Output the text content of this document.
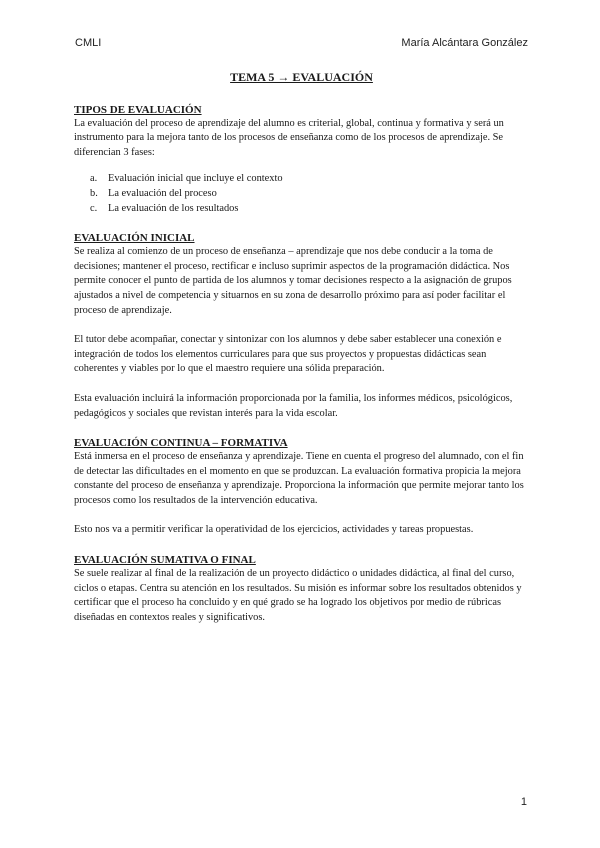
CMLI	María Alcántara González
TEMA 5 → EVALUACIÓN
TIPOS DE EVALUACIÓN

La evaluación del proceso de aprendizaje del alumno es criterial, global, continua y formativa y será un instrumento para la mejora tanto de los procesos de enseñanza como de los procesos de aprendizaje. Se diferencian 3 fases:

a. Evaluación inicial que incluye el contexto
b. La evaluación del proceso
c. La evaluación de los resultados
EVALUACIÓN INICIAL

Se realiza al comienzo de un proceso de enseñanza – aprendizaje que nos debe conducir a la toma de decisiones; mantener el proceso, rectificar e incluso suprimir aspectos de la programación didáctica. Nos permite conocer el punto de partida de los alumnos y tomar decisiones respecto a la asignación de grupos ajustados a nivel de competencia y situarnos en su zona de desarrollo próximo para así poder facilitar el proceso de aprendizaje.

El tutor debe acompañar, conectar y sintonizar con los alumnos y debe saber establecer una conexión e integración de todos los elementos curriculares para que sus proyectos y propuestas didácticas sean coherentes y viables por lo que el maestro requiere una sólida preparación.

Esta evaluación incluirá la información proporcionada por la familia, los informes médicos, psicológicos, pedagógicos y sociales que revistan interés para la vida escolar.

EVALUACIÓN CONTINUA – FORMATIVA

Está inmersa en el proceso de enseñanza y aprendizaje. Tiene en cuenta el progreso del alumnado, con el fin de detectar las dificultades en el momento en que se produzcan. La evaluación formativa propicia la mejora constante del proceso de enseñanza y aprendizaje. Proporciona la información que permite mejorar tanto los procesos como los resultados de la intervención educativa.

Esto nos va a permitir verificar la operatividad de los ejercicios, actividades y tareas propuestas.

EVALUACIÓN SUMATIVA O FINAL

Se suele realizar al final de la realización de un proyecto didáctico o unidades didáctica, al final del curso, ciclos o etapas. Centra su atención en los resultados. Su misión es informar sobre los resultados obtenidos y certificar que el proceso ha concluido y en qué grado se ha logrado los objetivos por medio de rúbricas diseñadas en contextos reales y significativos.

1
